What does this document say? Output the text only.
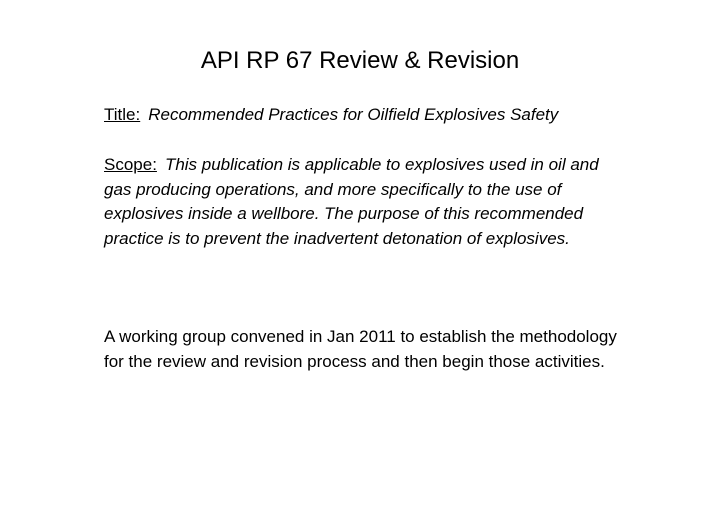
API RP 67 Review & Revision

Title: Recommended Practices for Oilfield Explosives Safety

Scope: This publication is applicable to explosives used in oil and gas producing operations, and more specifically to the use of explosives inside a wellbore. The purpose of this recommended practice is to prevent the inadvertent detonation of explosives.

A working group convened in Jan 2011 to establish the methodology for the review and revision process and then begin those activities.
